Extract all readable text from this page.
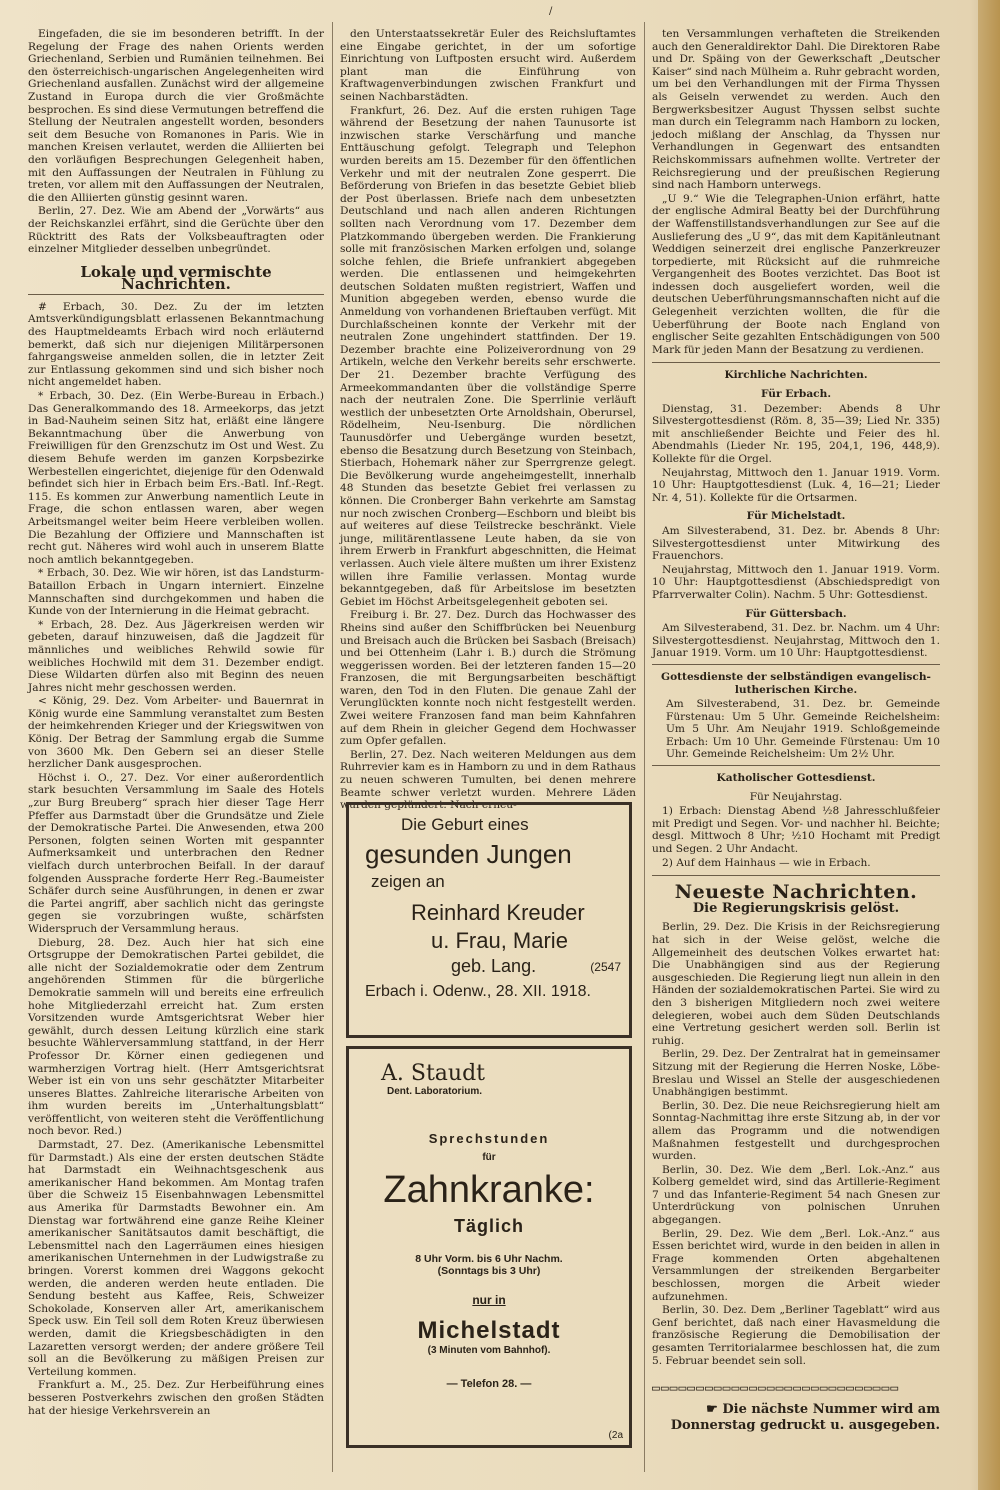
/

Eingefaden, die sie im besonderen betrifft. In der Regelung der Frage des nahen Orients werden Griechenland, Serbien und Rumänien teilnehmen. Bei den österreichisch-ungarischen Angelegenheiten wird Griechenland ausfallen. Zunächst wird der allgemeine Zustand in Europa durch die vier Großmächte besprochen. Es sind diese Vermutungen betreffend die Stellung der Neutralen angestellt worden, besonders seit dem Besuche von Romanones in Paris. Wie in manchen Kreisen verlautet, werden die Alliierten bei den vorläufigen Besprechungen Gelegenheit haben, mit den Auffassungen der Neutralen in Fühlung zu treten, vor allem mit den Auffassungen der Neutralen, die den Alliierten günstig gesinnt waren.

Berlin, 27. Dez. Wie am Abend der „Vorwärts“ aus der Reichskanzlei erfährt, sind die Gerüchte über den Rücktritt des Rats der Volksbeauftragten oder einzelner Mitglieder desselben unbegründet.

Lokale und vermischte Nachrichten.

# Erbach, 30. Dez. Zu der im letzten Amtsverkündigungsblatt erlassenen Bekanntmachung des Hauptmeldeamts Erbach wird noch erläuternd bemerkt, daß sich nur diejenigen Militärpersonen fahrgangsweise anmelden sollen, die in letzter Zeit zur Entlassung gekommen sind und sich bisher noch nicht angemeldet haben.

* Erbach, 30. Dez. (Ein Werbe-Bureau in Erbach.) Das Generalkommando des 18. Armeekorps, das jetzt in Bad-Nauheim seinen Sitz hat, erläßt eine längere Bekanntmachung über die Anwerbung von Freiwilligen für den Grenzschutz im Ost und West. Zu diesem Behufe werden im ganzen Korpsbezirke Werbestellen eingerichtet, diejenige für den Odenwald befindet sich hier in Erbach beim Ers.-Batl. Inf.-Regt. 115. Es kommen zur Anwerbung namentlich Leute in Frage, die schon entlassen waren, aber wegen Arbeitsmangel weiter beim Heere verbleiben wollen. Die Bezahlung der Offiziere und Mannschaften ist recht gut. Näheres wird wohl auch in unserem Blatte noch amtlich bekanntgegeben.

* Erbach, 30. Dez. Wie wir hören, ist das Landsturm-Bataillon Erbach in Ungarn interniert. Einzelne Mannschaften sind durchgekommen und haben die Kunde von der Internierung in die Heimat gebracht.

* Erbach, 28. Dez. Aus Jägerkreisen werden wir gebeten, darauf hinzuweisen, daß die Jagdzeit für männliches und weibliches Rehwild sowie für weibliches Hochwild mit dem 31. Dezember endigt. Diese Wildarten dürfen also mit Beginn des neuen Jahres nicht mehr geschossen werden.

< König, 29. Dez. Vom Arbeiter- und Bauernrat in König wurde eine Sammlung veranstaltet zum Besten der heimkehrenden Krieger und der Kriegswitwen von König. Der Betrag der Sammlung ergab die Summe von 3600 Mk. Den Gebern sei an dieser Stelle herzlicher Dank ausgesprochen.

Höchst i. O., 27. Dez. Vor einer außerordentlich stark besuchten Versammlung im Saale des Hotels „zur Burg Breuberg“ sprach hier dieser Tage Herr Pfeffer aus Darmstadt über die Grundsätze und Ziele der Demokratische Partei. Die Anwesenden, etwa 200 Personen, folgten seinen Worten mit gespannter Aufmerksamkeit und unterbrachen den Redner vielfach durch unterbrochen Beifall. In der darauf folgenden Aussprache forderte Herr Reg.-Baumeister Schäfer durch seine Ausführungen, in denen er zwar die Partei angriff, aber sachlich nicht das geringste gegen sie vorzubringen wußte, schärfsten Widerspruch der Versammlung heraus.

Dieburg, 28. Dez. Auch hier hat sich eine Ortsgruppe der Demokratischen Partei gebildet, die alle nicht der Sozialdemokratie oder dem Zentrum angehörenden Stimmen für die bürgerliche Demokratie sammeln will und bereits eine erfreulich hohe Mitgliederzahl erreicht hat. Zum ersten Vorsitzenden wurde Amtsgerichtsrat Weber hier gewählt, durch dessen Leitung kürzlich eine stark besuchte Wählerversammlung stattfand, in der Herr Professor Dr. Körner einen gediegenen und warmherzigen Vortrag hielt. (Herr Amtsgerichtsrat Weber ist ein von uns sehr geschätzter Mitarbeiter unseres Blattes. Zahlreiche literarische Arbeiten von ihm wurden bereits im „Unterhaltungsblatt“ veröffentlicht, von weiteren steht die Veröffentlichung noch bevor. Red.)

Darmstadt, 27. Dez. (Amerikanische Lebensmittel für Darmstadt.) Als eine der ersten deutschen Städte hat Darmstadt ein Weihnachtsgeschenk aus amerikanischer Hand bekommen. Am Montag trafen über die Schweiz 15 Eisenbahnwagen Lebensmittel aus Amerika für Darmstadts Bewohner ein. Am Dienstag war fortwährend eine ganze Reihe Kleiner amerikanischer Sanitätsautos damit beschäftigt, die Lebensmittel nach den Lagerräumen eines hiesigen amerikanischen Unternehmen in der Ludwigstraße zu bringen. Vorerst kommen drei Waggons gekocht werden, die anderen werden heute entladen. Die Sendung besteht aus Kaffee, Reis, Schweizer Schokolade, Konserven aller Art, amerikanischem Speck usw. Ein Teil soll dem Roten Kreuz überwiesen werden, damit die Kriegsbeschädigten in den Lazaretten versorgt werden; der andere größere Teil soll an die Bevölkerung zu mäßigen Preisen zur Verteilung kommen.

Frankfurt a. M., 25. Dez. Zur Herbeiführung eines besseren Postverkehrs zwischen den großen Städten hat der hiesige Verkehrsverein an

den Unterstaatssekretär Euler des Reichsluftamtes eine Eingabe gerichtet, in der um sofortige Einrichtung von Luftposten ersucht wird. Außerdem plant man die Einführung von Kraftwagenverbindungen zwischen Frankfurt und seinen Nachbarstädten.

Frankfurt, 26. Dez. Auf die ersten ruhigen Tage während der Besetzung der nahen Taunusorte ist inzwischen starke Verschärfung und manche Enttäuschung gefolgt. Telegraph und Telephon wurden bereits am 15. Dezember für den öffentlichen Verkehr und mit der neutralen Zone gesperrt. Die Beförderung von Briefen in das besetzte Gebiet blieb der Post überlassen. Briefe nach dem unbesetzten Deutschland und nach allen anderen Richtungen sollten nach Verordnung vom 17. Dezember dem Platzkommando übergeben werden. Die Frankierung solle mit französischen Marken erfolgen und, solange solche fehlen, die Briefe unfrankiert abgegeben werden. Die entlassenen und heimgekehrten deutschen Soldaten mußten registriert, Waffen und Munition abgegeben werden, ebenso wurde die Anmeldung von vorhandenen Brieftauben verfügt. Mit Durchlaßscheinen konnte der Verkehr mit der neutralen Zone ungehindert stattfinden. Der 19. Dezember brachte eine Polizeiverordnung von 29 Artikeln, welche den Verkehr bereits sehr erschwerte. Der 21. Dezember brachte Verfügung des Armeekommandanten über die vollständige Sperre nach der neutralen Zone. Die Sperrlinie verläuft westlich der unbesetzten Orte Arnoldshain, Oberursel, Rödelheim, Neu-Isenburg. Die nördlichen Taunusdörfer und Uebergänge wurden besetzt, ebenso die Besatzung durch Besetzung von Steinbach, Stierbach, Hohemark näher zur Sperrgrenze gelegt. Die Bevölkerung wurde angeheimgestellt, innerhalb 48 Stunden das besetzte Gebiet frei verlassen zu können. Die Cronberger Bahn verkehrte am Samstag nur noch zwischen Cronberg—Eschborn und bleibt bis auf weiteres auf diese Teilstrecke beschränkt. Viele junge, militärentlassene Leute haben, da sie von ihrem Erwerb in Frankfurt abgeschnitten, die Heimat verlassen. Auch viele ältere mußten um ihrer Existenz willen ihre Familie verlassen. Montag wurde bekanntgegeben, daß für Arbeitslose im besetzten Gebiet im Höchst Arbeitsgelegenheit geboten sei.

Freiburg i. Br. 27. Dez. Durch das Hochwasser des Rheins sind außer den Schiffbrücken bei Neuenburg und Breisach auch die Brücken bei Sasbach (Breisach) und bei Ottenheim (Lahr i. B.) durch die Strömung weggerissen worden. Bei der letzteren fanden 15—20 Franzosen, die mit Bergungsarbeiten beschäftigt waren, den Tod in den Fluten. Die genaue Zahl der Verunglückten konnte noch nicht festgestellt werden. Zwei weitere Franzosen fand man beim Kahnfahren auf dem Rhein in gleicher Gegend dem Hochwasser zum Opfer gefallen.

Berlin, 27. Dez. Nach weiteren Meldungen aus dem Ruhrrevier kam es in Hamborn zu und in dem Rathaus zu neuen schweren Tumulten, bei denen mehrere Beamte schwer verletzt wurden. Mehrere Läden wurden geplündert. Nach erneu-

Die Geburt eines
gesunden Jungen
zeigen an
Reinhard Kreuder
u. Frau, Marie
geb. Lang.	(2547
Erbach i. Odenw., 28. XII. 1918.
A. Staudt
Dent. Laboratorium.
Sprechstunden
für
Zahnkranke:
Täglich
8 Uhr Vorm. bis 6 Uhr Nachm.
(Sonntags bis 3 Uhr)
nur in
Michelstadt
(3 Minuten vom Bahnhof).
— Telefon 28. —
(2a

ten Versammlungen verhafteten die Streikenden auch den Generaldirektor Dahl. Die Direktoren Rabe und Dr. Späing von der Gewerkschaft „Deutscher Kaiser“ sind nach Mülheim a. Ruhr gebracht worden, um bei den Verhandlungen mit der Firma Thyssen als Geiseln verwendet zu werden. Auch den Bergwerksbesitzer August Thyssen selbst suchte man durch ein Telegramm nach Hamborn zu locken, jedoch mißlang der Anschlag, da Thyssen nur Verhandlungen in Gegenwart des entsandten Reichskommissars aufnehmen wollte. Vertreter der Reichsregierung und der preußischen Regierung sind nach Hamborn unterwegs.

„U 9.“ Wie die Telegraphen-Union erfährt, hatte der englische Admiral Beatty bei der Durchführung der Waffenstillstandsverhandlungen zur See auf die Auslieferung des „U 9“, das mit dem Kapitänleutnant Weddigen seinerzeit drei englische Panzerkreuzer torpedierte, mit Rücksicht auf die ruhmreiche Vergangenheit des Bootes verzichtet. Das Boot ist indessen doch ausgeliefert worden, weil die deutschen Ueberführungsmannschaften nicht auf die Gelegenheit verzichten wollten, die für die Ueberführung der Boote nach England von englischer Seite gezahlten Entschädigungen von 500 Mark für jeden Mann der Besatzung zu verdienen.

Kirchliche Nachrichten.
Für Erbach.

Dienstag, 31. Dezember: Abends 8 Uhr Silvestergottesdienst (Röm. 8, 35—39; Lied Nr. 335) mit anschließender Beichte und Feier des hl. Abendmahls (Lieder Nr. 195, 204,1, 196, 448,9). Kollekte für die Orgel.

Neujahrstag, Mittwoch den 1. Januar 1919. Vorm. 10 Uhr: Hauptgottesdienst (Luk. 4, 16—21; Lieder Nr. 4, 51). Kollekte für die Ortsarmen.

Für Michelstadt.

Am Silvesterabend, 31. Dez. br. Abends 8 Uhr: Silvestergottesdienst unter Mitwirkung des Frauenchors.

Neujahrstag, Mittwoch den 1. Januar 1919. Vorm. 10 Uhr: Hauptgottesdienst (Abschiedspredigt von Pfarrverwalter Colin). Nachm. 5 Uhr: Gottesdienst.

Für Güttersbach.

Am Silvesterabend, 31. Dez. br. Nachm. um 4 Uhr: Silvestergottesdienst. Neujahrstag, Mittwoch den 1. Januar 1919. Vorm. um 10 Uhr: Hauptgottesdienst.

Gottesdienste der selbständigen evangelisch-lutherischen Kirche.

Am Silvesterabend, 31. Dez. br. Gemeinde Fürstenau: Um 5 Uhr. Gemeinde Reichelsheim: Um 5 Uhr. Am Neujahr 1919. Schloßgemeinde Erbach: Um 10 Uhr. Gemeinde Fürstenau: Um 10 Uhr. Gemeinde Reichelsheim: Um 2½ Uhr.

Katholischer Gottesdienst.
Für Neujahrstag.

1) Erbach: Dienstag Abend ½8 Jahresschlußfeier mit Predigt und Segen. Vor- und nachher hl. Beichte; desgl. Mittwoch 8 Uhr; ½10 Hochamt mit Predigt und Segen. 2 Uhr Andacht.

2) Auf dem Hainhaus — wie in Erbach.

Neueste Nachrichten.
Die Regierungskrisis gelöst.

Berlin, 29. Dez. Die Krisis in der Reichsregierung hat sich in der Weise gelöst, welche die Allgemeinheit des deutschen Volkes erwartet hat: Die Unabhängigen sind aus der Regierung ausgeschieden. Die Regierung liegt nun allein in den Händen der sozialdemokratischen Partei. Sie wird zu den 3 bisherigen Mitgliedern noch zwei weitere delegieren, wobei auch dem Süden Deutschlands eine Vertretung gesichert werden soll. Berlin ist ruhig.

Berlin, 29. Dez. Der Zentralrat hat in gemeinsamer Sitzung mit der Regierung die Herren Noske, Löbe-Breslau und Wissel an Stelle der ausgeschiedenen Unabhängigen bestimmt.

Berlin, 30. Dez. Die neue Reichsregierung hielt am Sonntag-Nachmittag ihre erste Sitzung ab, in der vor allem das Programm und die notwendigen Maßnahmen festgestellt und durchgesprochen wurden.

Berlin, 30. Dez. Wie dem „Berl. Lok.-Anz.“ aus Kolberg gemeldet wird, sind das Artillerie-Regiment 7 und das Infanterie-Regiment 54 nach Gnesen zur Unterdrückung von polnischen Unruhen abgegangen.

Berlin, 29. Dez. Wie dem „Berl. Lok.-Anz.“ aus Essen berichtet wird, wurde in den beiden in allen in Frage kommenden Orten abgehaltenen Versammlungen der streikenden Bergarbeiter beschlossen, morgen die Arbeit wieder aufzunehmen.

Berlin, 30. Dez. Dem „Berliner Tageblatt“ wird aus Genf berichtet, daß nach einer Havasmeldung die französische Regierung die Demobilisation der gesamten Territorialarmee beschlossen hat, die zum 5. Februar beendet sein soll.

▭▭▭▭▭▭▭▭▭▭▭▭▭▭▭▭▭▭▭▭▭▭▭▭▭▭▭▭
☛ Die nächste Nummer wird am Donnerstag gedruckt u. ausgegeben.
